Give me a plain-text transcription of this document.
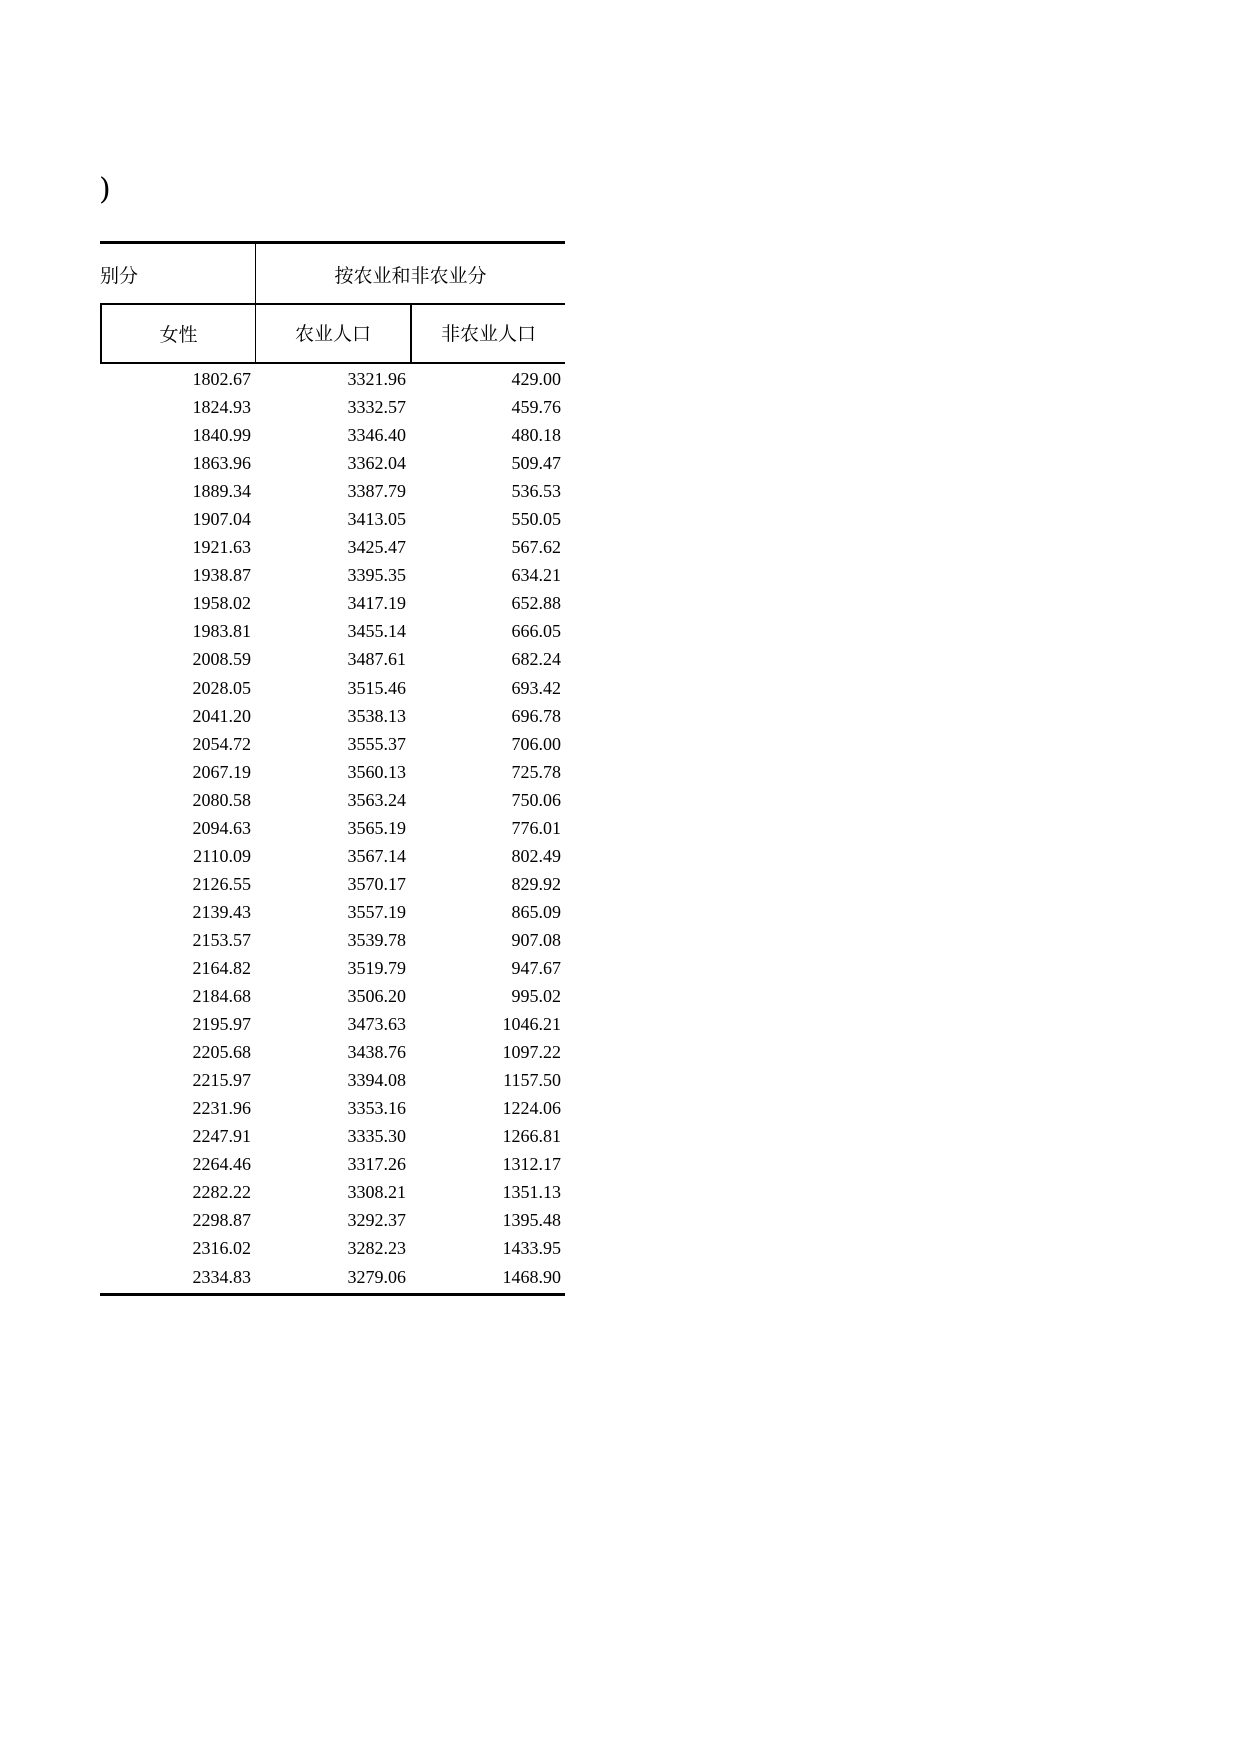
)
别分	按农业和非农业分
女性	农业人口	非农业人口
1802.67	3321.96	429.00
1824.93	3332.57	459.76
1840.99	3346.40	480.18
1863.96	3362.04	509.47
1889.34	3387.79	536.53
1907.04	3413.05	550.05
1921.63	3425.47	567.62
1938.87	3395.35	634.21
1958.02	3417.19	652.88
1983.81	3455.14	666.05
2008.59	3487.61	682.24
2028.05	3515.46	693.42
2041.20	3538.13	696.78
2054.72	3555.37	706.00
2067.19	3560.13	725.78
2080.58	3563.24	750.06
2094.63	3565.19	776.01
2110.09	3567.14	802.49
2126.55	3570.17	829.92
2139.43	3557.19	865.09
2153.57	3539.78	907.08
2164.82	3519.79	947.67
2184.68	3506.20	995.02
2195.97	3473.63	1046.21
2205.68	3438.76	1097.22
2215.97	3394.08	1157.50
2231.96	3353.16	1224.06
2247.91	3335.30	1266.81
2264.46	3317.26	1312.17
2282.22	3308.21	1351.13
2298.87	3292.37	1395.48
2316.02	3282.23	1433.95
2334.83	3279.06	1468.90
